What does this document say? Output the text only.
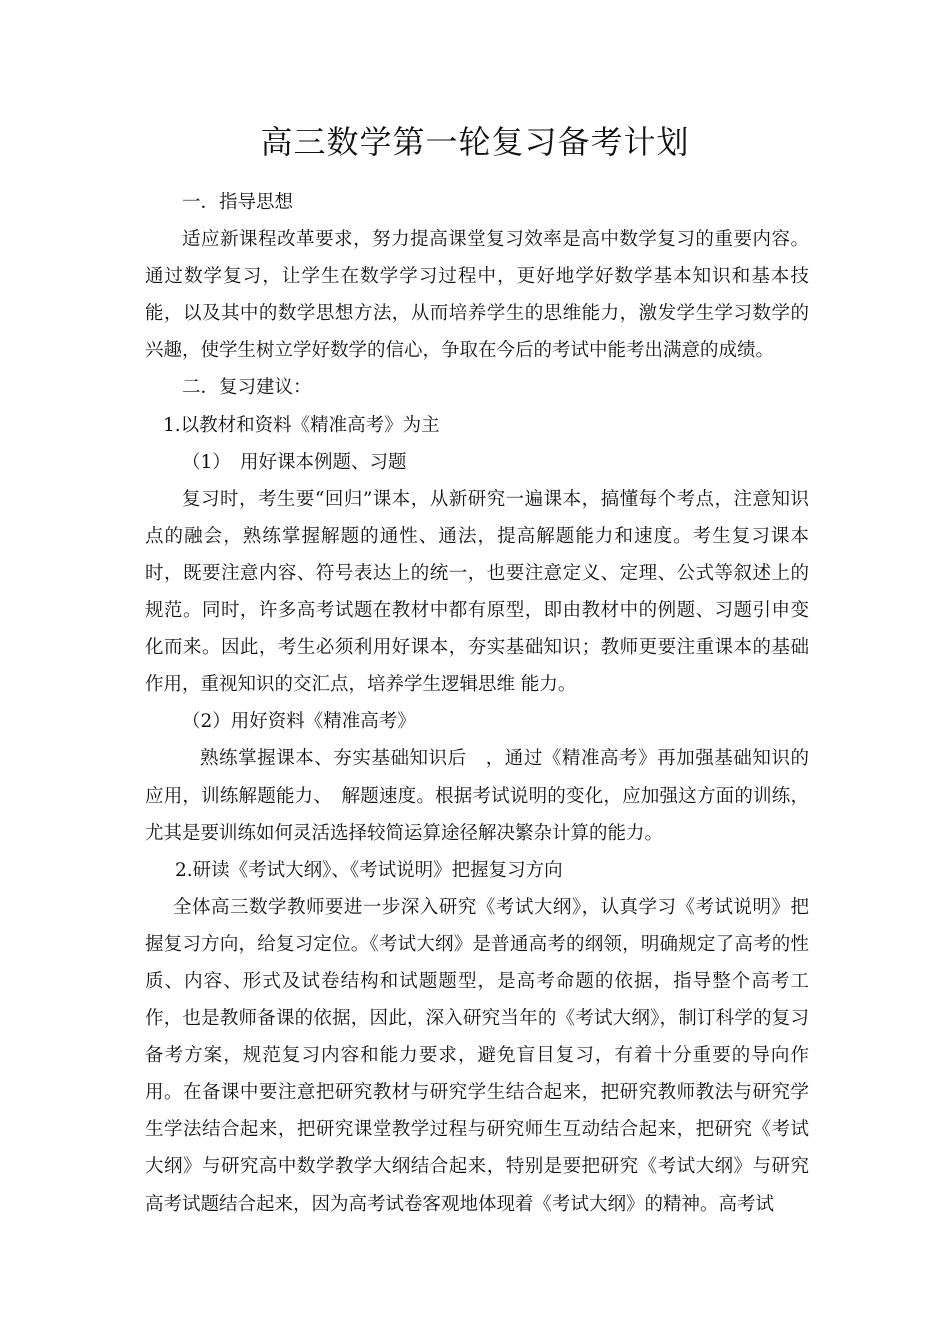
高三数学第一轮复习备考计划

一．指导思想

适应新课程改革要求，努力提高课堂复习效率是高中数学复习的重要内容。通过数学复习，让学生在数学学习过程中，更好地学好数学基本知识和基本技能，以及其中的数学思想方法，从而培养学生的思维能力，激发学生学习数学的兴趣，使学生树立学好数学的信心，争取在今后的考试中能考出满意的成绩。

二．复习建议：

1.以教材和资料《精准高考》为主

（1）　用好课本例题、习题

复习时，考生要“回归”课本，从新研究一遍课本，搞懂每个考点，注意知识点的融会，熟练掌握解题的通性、通法，提高解题能力和速度。考生复习课本时，既要注意内容、符号表达上的统一，也要注意定义、定理、公式等叙述上的规范。同时，许多高考试题在教材中都有原型，即由教材中的例题、习题引申变化而来。因此，考生必须利用好课本，夯实基础知识；教师更要注重课本的基础作用，重视知识的交汇点，培养学生逻辑思维 能力。

（2）用好资料《精准高考》

熟练掌握课本、夯实基础知识后　，通过《精准高考》再加强基础知识的应用，训练解题能力、　解题速度。根据考试说明的变化，应加强这方面的训练，尤其是要训练如何灵活选择较简运算途径解决繁杂计算的能力。

2.研读《考试大纲》、《考试说明》把握复习方向

全体高三数学教师要进一步深入研究《考试大纲》，认真学习《考试说明》把握复习方向，给复习定位。《考试大纲》是普通高考的纲领，明确规定了高考的性质、内容、形式及试卷结构和试题题型，是高考命题的依据，指导整个高考工作，也是教师备课的依据，因此，深入研究当年的《考试大纲》，制订科学的复习备考方案，规范复习内容和能力要求，避免盲目复习，有着十分重要的导向作用。在备课中要注意把研究教材与研究学生结合起来，把研究教师教法与研究学生学法结合起来，把研究课堂教学过程与研究师生互动结合起来，把研究《考试大纲》与研究高中数学教学大纲结合起来，特别是要把研究《考试大纲》与研究高考试题结合起来，因为高考试卷客观地体现着《考试大纲》的精神。高考试
